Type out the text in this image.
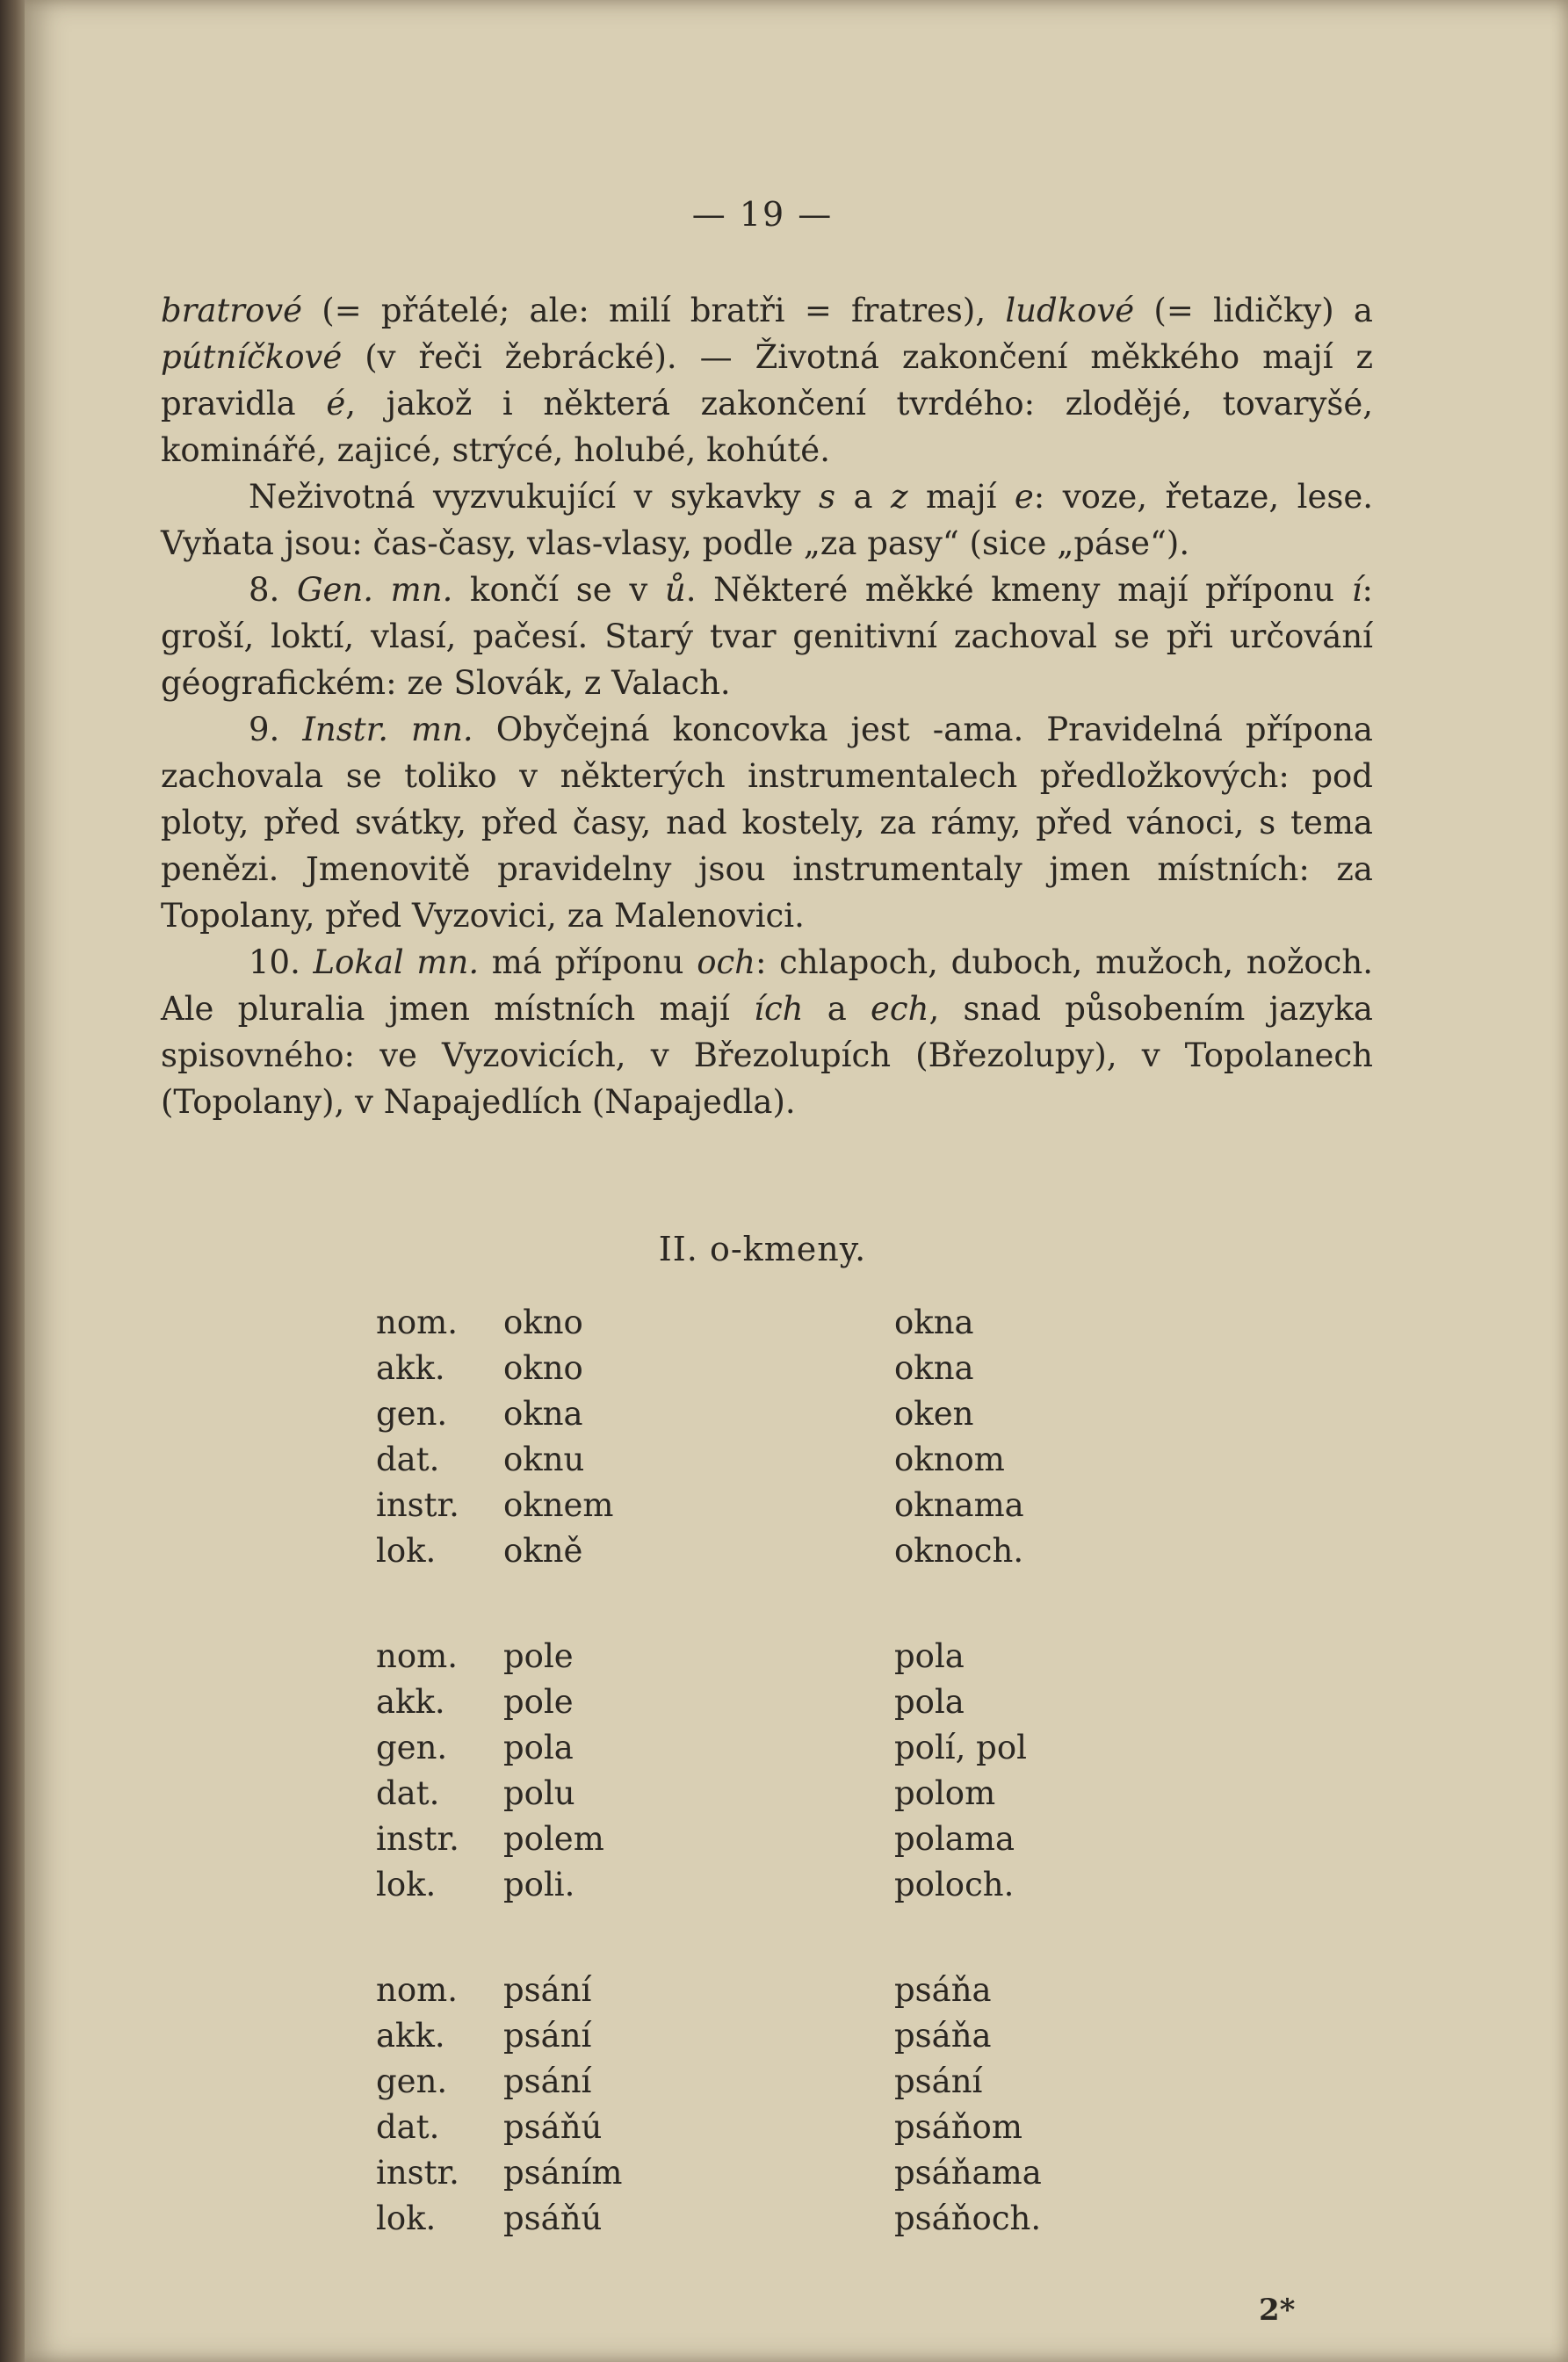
— 19 —

bratrové (= přátelé; ale: milí bratři = fratres), ludkové (= lidičky) a pútníčkové (v řeči žebrácké). — Životná zakončení měkkého mají z pravidla é, jakož i některá zakončení tvrdého: zlodějé, tovaryšé, kominářé, zajicé, strýcé, holubé, kohúté.

Neživotná vyzvukující v sykavky s a z mají e: voze, řetaze, lese. Vyňata jsou: čas-časy, vlas-vlasy, podle „za pasy“ (sice „páse“).

8. Gen. mn. končí se v ů. Některé měkké kmeny mají příponu í: groší, loktí, vlasí, pačesí. Starý tvar genitivní zachoval se při určování géografickém: ze Slovák, z Valach.

9. Instr. mn. Obyčejná koncovka jest -ama. Pravidelná přípona zachovala se toliko v některých instrumentalech předložkových: pod ploty, před svátky, před časy, nad kostely, za rámy, před vánoci, s tema penězi. Jmenovitě pravidelny jsou instrumentaly jmen místních: za Topolany, před Vyzovici, za Malenovici.

10. Lokal mn. má příponu och: chlapoch, duboch, mužoch, nožoch. Ale pluralia jmen místních mají ích a ech, snad působením jazyka spisovného: ve Vyzovicích, v Březolupích (Březolupy), v Topolanech (Topolany), v Napajedlích (Napajedla).

II. o-kmeny.
nom.	okno	okna
akk.	okno	okna
gen.	okna	oken
dat.	oknu	oknom
instr.	oknem	oknama
lok.	okně	oknoch.
nom.	pole	pola
akk.	pole	pola
gen.	pola	polí, pol
dat.	polu	polom
instr.	polem	polama
lok.	poli.	poloch.
nom.	psání	psáňa
akk.	psání	psáňa
gen.	psání	psání
dat.	psáňú	psáňom
instr.	psáním	psáňama
lok.	psáňú	psáňoch.
2*
